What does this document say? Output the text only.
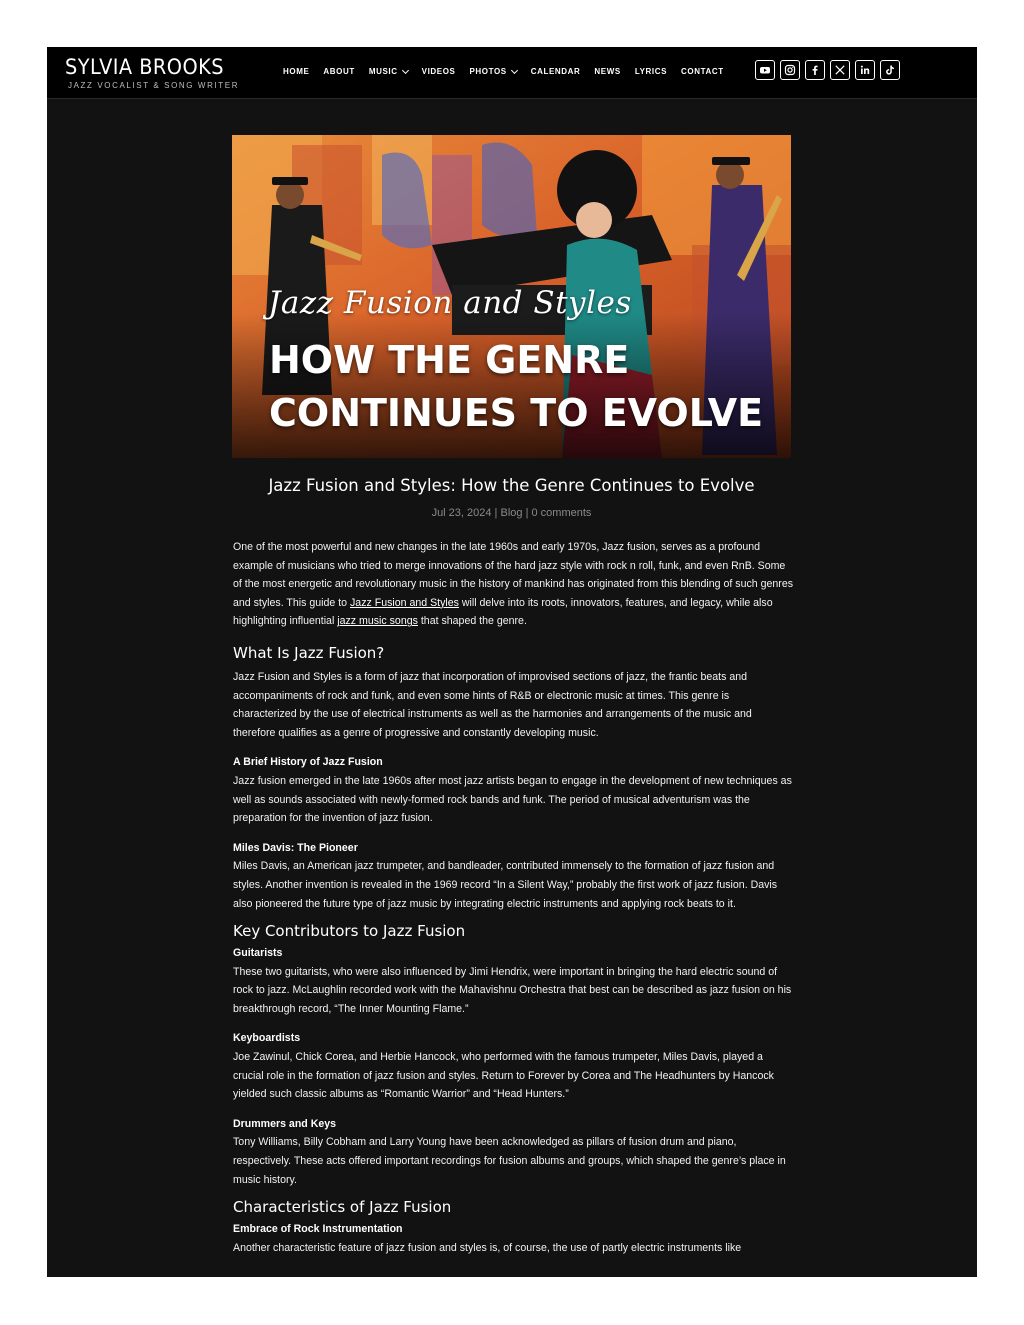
SYLVIA BROOKS
JAZZ VOCALIST & SONG WRITER
HOME ABOUT MUSIC	VIDEOS PHOTOS	CALENDAR NEWS LYRICS CONTACT
Jazz Fusion and Styles
HOW THE GENRE
CONTINUES TO EVOLVE
Jazz Fusion and Styles: How the Genre Continues to Evolve
Jul 23, 2024 | Blog | 0 comments

One of the most powerful and new changes in the late 1960s and early 1970s, Jazz fusion, serves as a profound example of musicians who tried to merge innovations of the hard jazz style with rock n roll, funk, and even RnB. Some of the most energetic and revolutionary music in the history of mankind has originated from this blending of such genres and styles. This guide to Jazz Fusion and Styles will delve into its roots, innovators, features, and legacy, while also highlighting influential jazz music songs that shaped the genre.

What Is Jazz Fusion?

Jazz Fusion and Styles is a form of jazz that incorporation of improvised sections of jazz, the frantic beats and accompaniments of rock and funk, and even some hints of R&B or electronic music at times. This genre is characterized by the use of electrical instruments as well as the harmonies and arrangements of the music and therefore qualifies as a genre of progressive and constantly developing music.

A Brief History of Jazz Fusion

Jazz fusion emerged in the late 1960s after most jazz artists began to engage in the development of new techniques as well as sounds associated with newly-formed rock bands and funk. The period of musical adventurism was the preparation for the invention of jazz fusion.

Miles Davis: The Pioneer

Miles Davis, an American jazz trumpeter, and bandleader, contributed immensely to the formation of jazz fusion and styles. Another invention is revealed in the 1969 record “In a Silent Way,” probably the first work of jazz fusion. Davis also pioneered the future type of jazz music by integrating electric instruments and applying rock beats to it.

Key Contributors to Jazz Fusion
Guitarists

These two guitarists, who were also influenced by Jimi Hendrix, were important in bringing the hard electric sound of rock to jazz. McLaughlin recorded work with the Mahavishnu Orchestra that best can be described as jazz fusion on his breakthrough record, “The Inner Mounting Flame.”

Keyboardists

Joe Zawinul, Chick Corea, and Herbie Hancock, who performed with the famous trumpeter, Miles Davis, played a crucial role in the formation of jazz fusion and styles. Return to Forever by Corea and The Headhunters by Hancock yielded such classic albums as “Romantic Warrior” and “Head Hunters.”

Drummers and Keys

Tony Williams, Billy Cobham and Larry Young have been acknowledged as pillars of fusion drum and piano, respectively. These acts offered important recordings for fusion albums and groups, which shaped the genre’s place in music history.

Characteristics of Jazz Fusion
Embrace of Rock Instrumentation

Another characteristic feature of jazz fusion and styles is, of course, the use of partly electric instruments like
